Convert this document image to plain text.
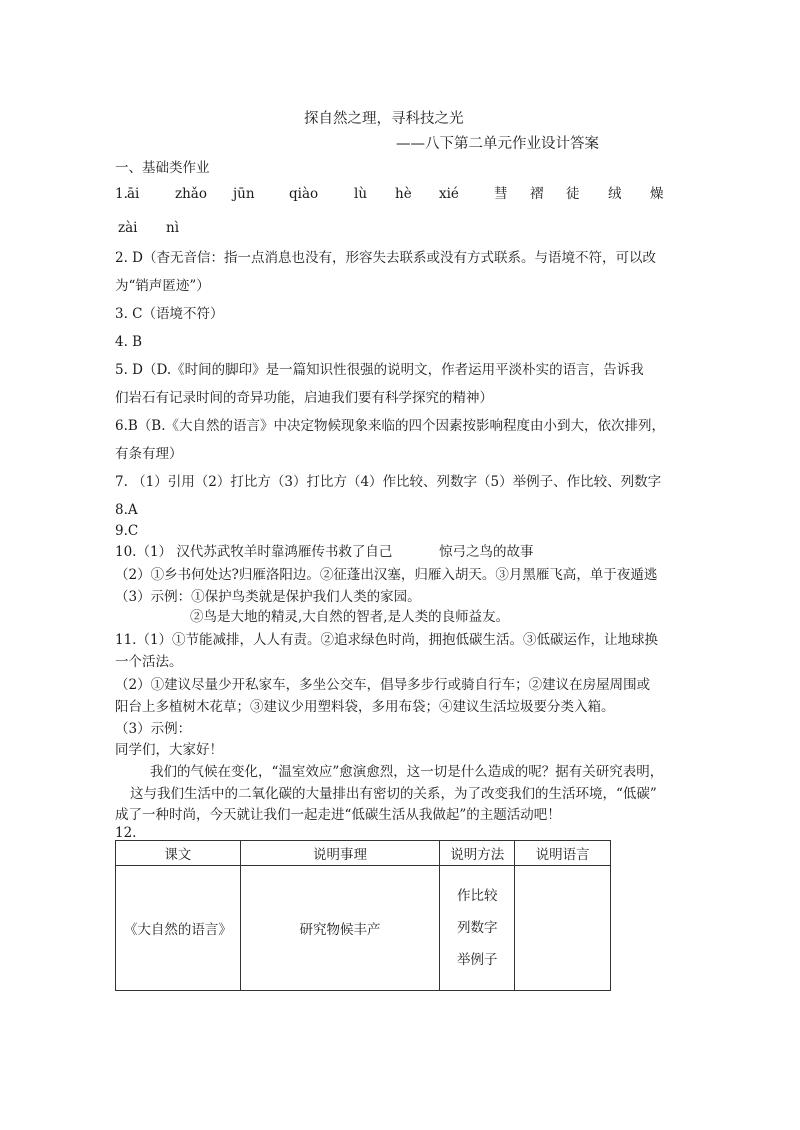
探自然之理，寻科技之光
——八下第二单元作业设计答案
一、基础类作业
1. āi	zhǎo jūn	qiào	lù hè xié	彗 褶 徒 绒 燥
zài nì
2. D（杳无音信：指一点消息也没有，形容失去联系或没有方式联系。与语境不符，可以改
为“销声匿迹”）
3. C（语境不符）
4. B
5. D（D.《时间的脚印》是一篇知识性很强的说明文，作者运用平淡朴实的语言，告诉我
们岩石有记录时间的奇异功能，启迪我们要有科学探究的精神）
6.B（B.《大自然的语言》中决定物候现象来临的四个因素按影响程度由小到大，依次排列，
有条有理）
7. （1）引用（2）打比方（3）打比方（4）作比较、列数字（5）举例子、作比较、列数字
8.A
9.C
10.（1） 汉代苏武牧羊时靠鸿雁传书救了自己	惊弓之鸟的故事
（2）①乡书何处达?归雁洛阳边。②征蓬出汉塞，归雁入胡天。③月黑雁飞高，单于夜遁逃
（3）示例：①保护鸟类就是保护我们人类的家园。
②鸟是大地的精灵,大自然的智者,是人类的良师益友。
11.（1）①节能减排，人人有责。②追求绿色时尚，拥抱低碳生活。③低碳运作，让地球换
一个活法。
（2）①建议尽量少开私家车，多坐公交车，倡导多步行或骑自行车；②建议在房屋周围或
阳台上多植树木花草；③建议少用塑料袋，多用布袋；④建议生活垃圾要分类入箱。
（3）示例：
同学们，大家好！
我们的气候在变化，“温室效应”愈演愈烈，这一切是什么造成的呢？据有关研究表明，
这与我们生活中的二氧化碳的大量排出有密切的关系，为了改变我们的生活环境，“低碳”
成了一种时尚，今天就让我们一起走进“低碳生活从我做起”的主题活动吧！
12.
课文	说明事理	说明方法	说明语言
《大自然的语言》	研究物候丰产	作比较
列数字
举例子	
